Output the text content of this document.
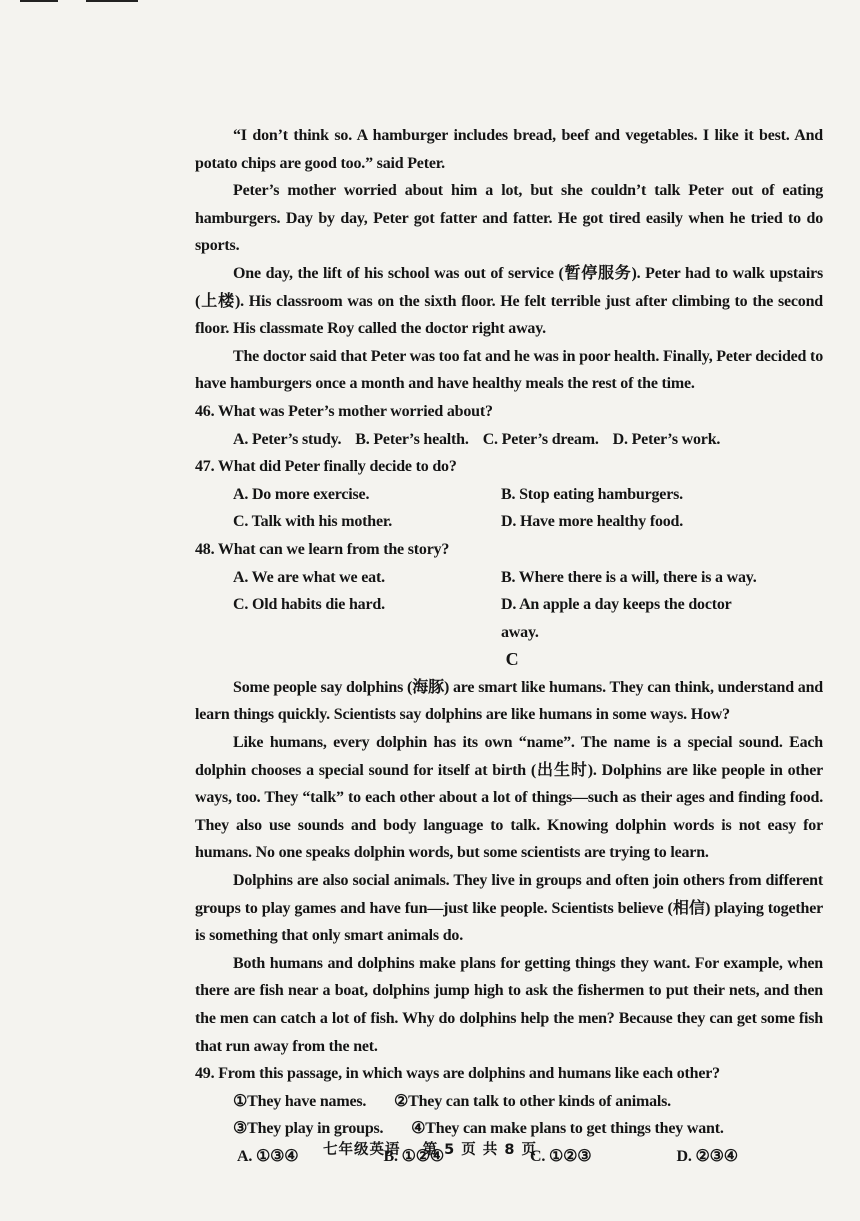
“I don’t think so. A hamburger includes bread, beef and vegetables. I like it best. And potato chips are good too.” said Peter.

Peter’s mother worried about him a lot, but she couldn’t talk Peter out of eating hamburgers. Day by day, Peter got fatter and fatter. He got tired easily when he tried to do sports.

One day, the lift of his school was out of service (暂停服务). Peter had to walk upstairs (上楼). His classroom was on the sixth floor. He felt terrible just after climbing to the second floor. His classmate Roy called the doctor right away.

The doctor said that Peter was too fat and he was in poor health. Finally, Peter decided to have hamburgers once a month and have healthy meals the rest of the time.

46. What was Peter’s mother worried about?

A. Peter’s study. B. Peter’s health. C. Peter’s dream. D. Peter’s work.

47. What did Peter finally decide to do?

A. Do more exercise.	B. Stop eating hamburgers.
C. Talk with his mother.	D. Have more healthy food.

48. What can we learn from the story?

A. We are what we eat.	B. Where there is a will, there is a way.
C. Old habits die hard.	D. An apple a day keeps the doctor away.

C

Some people say dolphins (海豚) are smart like humans. They can think, understand and learn things quickly. Scientists say dolphins are like humans in some ways. How?

Like humans, every dolphin has its own “name”. The name is a special sound. Each dolphin chooses a special sound for itself at birth (出生时). Dolphins are like people in other ways, too. They “talk” to each other about a lot of things—such as their ages and finding food. They also use sounds and body language to talk. Knowing dolphin words is not easy for humans. No one speaks dolphin words, but some scientists are trying to learn.

Dolphins are also social animals. They live in groups and often join others from different groups to play games and have fun—just like people. Scientists believe (相信) playing together is something that only smart animals do.

Both humans and dolphins make plans for getting things they want. For example, when there are fish near a boat, dolphins jump high to ask the fishermen to put their nets, and then the men can catch a lot of fish. Why do dolphins help the men? Because they can get some fish that run away from the net.

49. From this passage, in which ways are dolphins and humans like each other?

①They have names. ②They can talk to other kinds of animals.
③They play in groups. ④They can make plans to get things they want.
A. ①③④	B. ①②④	C. ①②③	D. ②③④
七年级英语 第 5 页 共 8 页
